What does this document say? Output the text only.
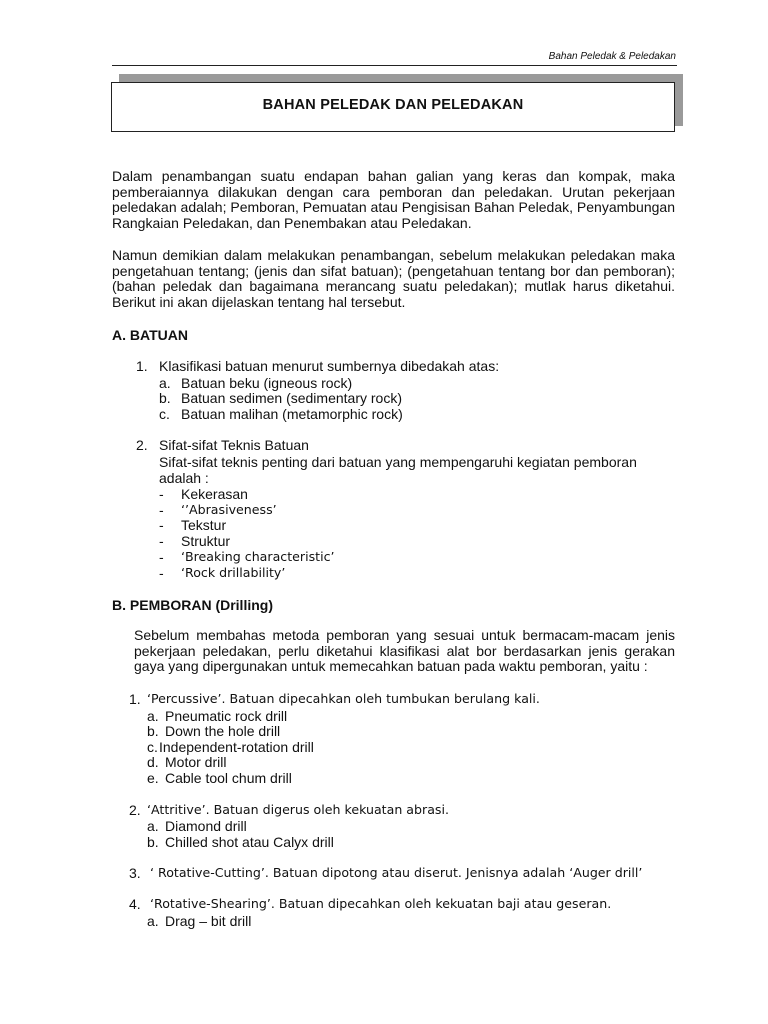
Bahan Peledak & Peledakan
BAHAN PELEDAK DAN PELEDAKAN
Dalam penambangan suatu endapan bahan galian yang keras dan kompak, maka pemberaiannya dilakukan dengan cara pemboran dan peledakan. Urutan pekerjaan peledakan adalah; Pemboran, Pemuatan atau Pengisisan Bahan Peledak, Penyambungan Rangkaian Peledakan, dan Penembakan atau Peledakan.
Namun demikian dalam melakukan penambangan, sebelum melakukan peledakan maka pengetahuan tentang; (jenis dan sifat batuan); (pengetahuan tentang bor dan pemboran); (bahan peledak dan bagaimana merancang suatu peledakan); mutlak harus diketahui. Berikut ini akan dijelaskan tentang hal tersebut.
A. BATUAN
1. Klasifikasi batuan menurut sumbernya dibedakah atas:
a. Batuan beku (igneous rock)
b. Batuan sedimen (sedimentary rock)
c. Batuan malihan (metamorphic rock)
2. Sifat-sifat Teknis Batuan
Sifat-sifat teknis penting dari batuan yang mempengaruhi kegiatan pemboran
adalah :
- Kekerasan
- ‘’Abrasiveness’
- Tekstur
- Struktur
- ‘Breaking characteristic’
- ‘Rock drillability’
B. PEMBORAN (Drilling)
Sebelum membahas metoda pemboran yang sesuai untuk bermacam-macam jenis pekerjaan peledakan, perlu diketahui klasifikasi alat bor berdasarkan jenis gerakan gaya yang dipergunakan untuk memecahkan batuan pada waktu pemboran, yaitu :
1. ‘Percussive’. Batuan dipecahkan oleh tumbukan berulang kali.
a. Pneumatic rock drill
b. Down the hole drill
c. Independent-rotation drill
d. Motor drill
e. Cable tool chum drill
2. ‘Attritive’. Batuan digerus oleh kekuatan abrasi.
a. Diamond drill
b. Chilled shot atau Calyx drill
3. ‘ Rotative-Cutting’. Batuan dipotong atau diserut. Jenisnya adalah ‘Auger drill’
4. ‘Rotative-Shearing’. Batuan dipecahkan oleh kekuatan baji atau geseran.
a. Drag – bit drill
